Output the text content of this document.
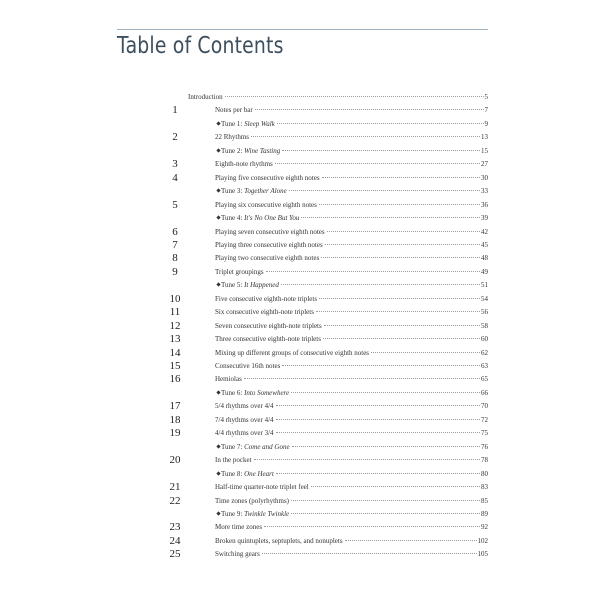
Table of Contents
Introduction	5
1	Notes per bar	7
Tune 1: Sleep Walk	9
2	22 Rhythms	13
Tune 2: Wine Tasting	15
3	Eighth-note rhythms	27
4	Playing five consecutive eighth notes	30
Tune 3: Together Alone	33
5	Playing six consecutive eighth notes	36
Tune 4: It's No One But You	39
6	Playing seven consecutive eighth notes	42
7	Playing three consecutive eighth notes	45
8	Playing two consecutive eighth notes	48
9	Triplet groupings	49
Tune 5: It Happened	51
10	Five consecutive eighth-note triplets	54
11	Six consecutive eighth-note triplets	56
12	Seven consecutive eighth-note triplets	58
13	Three consecutive eighth-note triplets	60
14	Mixing up different groups of consecutive eighth notes	62
15	Consecutive 16th notes	63
16	Hemiolas	65
Tune 6: Into Somewhere	66
17	5/4 rhythms over 4/4	70
18	7/4 rhythms over 4/4	72
19	4/4 rhythms over 3/4	75
Tune 7: Come and Gone	76
20	In the pocket	78
Tune 8: One Heart	80
21	Half-time quarter-note triplet feel	83
22	Time zones (polyrhythms)	85
Tune 9: Twinkle Twinkle	89
23	More time zones	92
24	Broken quintuplets, septuplets, and nonuplets	102
25	Switching gears	105
